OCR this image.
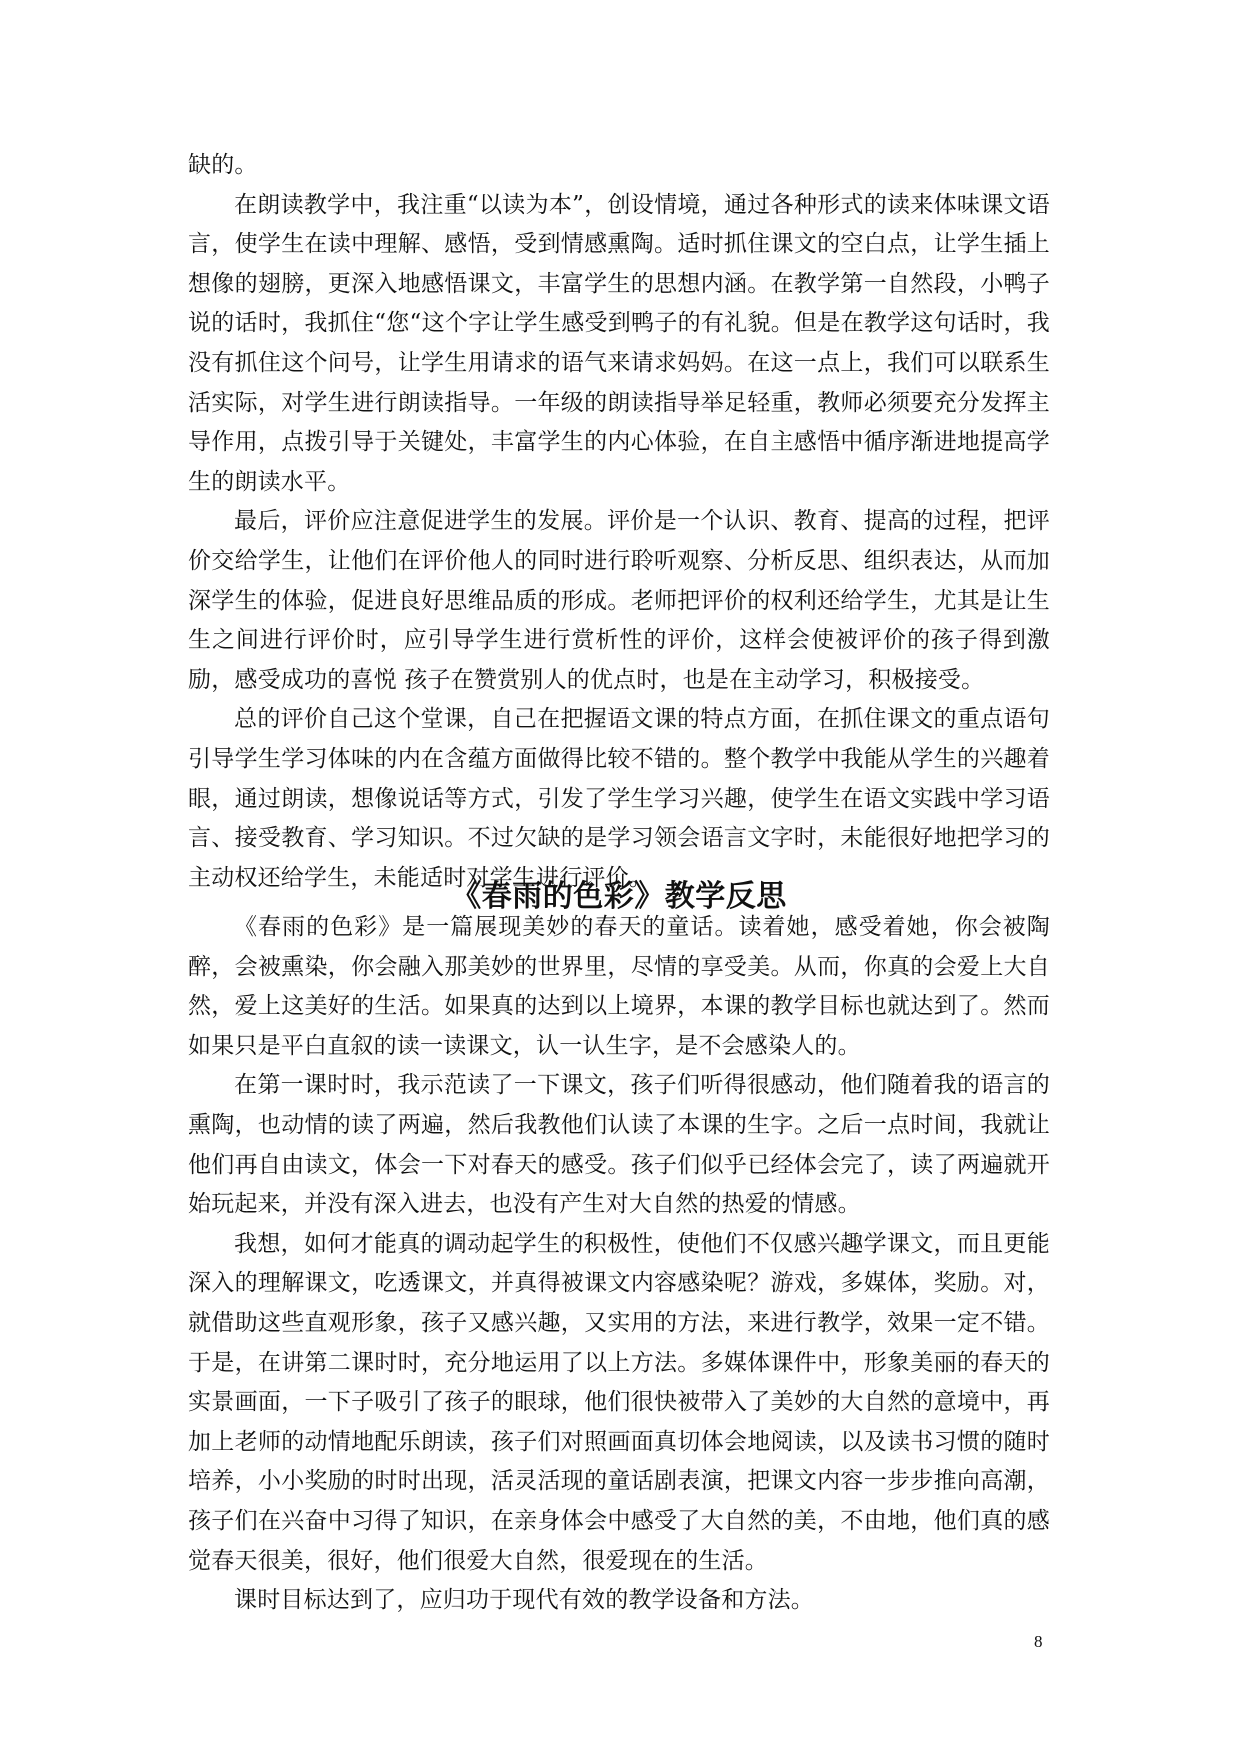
缺的。

在朗读教学中，我注重“以读为本”，创设情境，通过各种形式的读来体味课文语言，使学生在读中理解、感悟，受到情感熏陶。适时抓住课文的空白点，让学生插上想像的翅膀，更深入地感悟课文，丰富学生的思想内涵。在教学第一自然段，小鸭子说的话时，我抓住“您“这个字让学生感受到鸭子的有礼貌。但是在教学这句话时，我没有抓住这个问号，让学生用请求的语气来请求妈妈。在这一点上，我们可以联系生活实际，对学生进行朗读指导。一年级的朗读指导举足轻重，教师必须要充分发挥主导作用，点拨引导于关键处，丰富学生的内心体验，在自主感悟中循序渐进地提高学生的朗读水平。

最后，评价应注意促进学生的发展。评价是一个认识、教育、提高的过程，把评价交给学生，让他们在评价他人的同时进行聆听观察、分析反思、组织表达，从而加深学生的体验，促进良好思维品质的形成。老师把评价的权利还给学生，尤其是让生生之间进行评价时，应引导学生进行赏析性的评价，这样会使被评价的孩子得到激励，感受成功的喜悦 孩子在赞赏别人的优点时，也是在主动学习，积极接受。

总的评价自己这个堂课，自己在把握语文课的特点方面，在抓住课文的重点语句引导学生学习体味的内在含蕴方面做得比较不错的。整个教学中我能从学生的兴趣着眼，通过朗读，想像说话等方式，引发了学生学习兴趣，使学生在语文实践中学习语言、接受教育、学习知识。不过欠缺的是学习领会语言文字时，未能很好地把学习的主动权还给学生，未能适时对学生进行评价。

《春雨的色彩》教学反思

《春雨的色彩》是一篇展现美妙的春天的童话。读着她，感受着她，你会被陶醉，会被熏染，你会融入那美妙的世界里，尽情的享受美。从而，你真的会爱上大自然，爱上这美好的生活。如果真的达到以上境界，本课的教学目标也就达到了。然而如果只是平白直叙的读一读课文，认一认生字，是不会感染人的。

在第一课时时，我示范读了一下课文，孩子们听得很感动，他们随着我的语言的熏陶，也动情的读了两遍，然后我教他们认读了本课的生字。之后一点时间，我就让他们再自由读文，体会一下对春天的感受。孩子们似乎已经体会完了，读了两遍就开始玩起来，并没有深入进去，也没有产生对大自然的热爱的情感。

我想，如何才能真的调动起学生的积极性，使他们不仅感兴趣学课文，而且更能深入的理解课文，吃透课文，并真得被课文内容感染呢？游戏，多媒体，奖励。对，就借助这些直观形象，孩子又感兴趣，又实用的方法，来进行教学，效果一定不错。于是，在讲第二课时时，充分地运用了以上方法。多媒体课件中，形象美丽的春天的实景画面，一下子吸引了孩子的眼球，他们很快被带入了美妙的大自然的意境中，再加上老师的动情地配乐朗读，孩子们对照画面真切体会地阅读，以及读书习惯的随时培养，小小奖励的时时出现，活灵活现的童话剧表演，把课文内容一步步推向高潮，孩子们在兴奋中习得了知识，在亲身体会中感受了大自然的美，不由地，他们真的感觉春天很美，很好，他们很爱大自然，很爱现在的生活。

课时目标达到了，应归功于现代有效的教学设备和方法。

8
